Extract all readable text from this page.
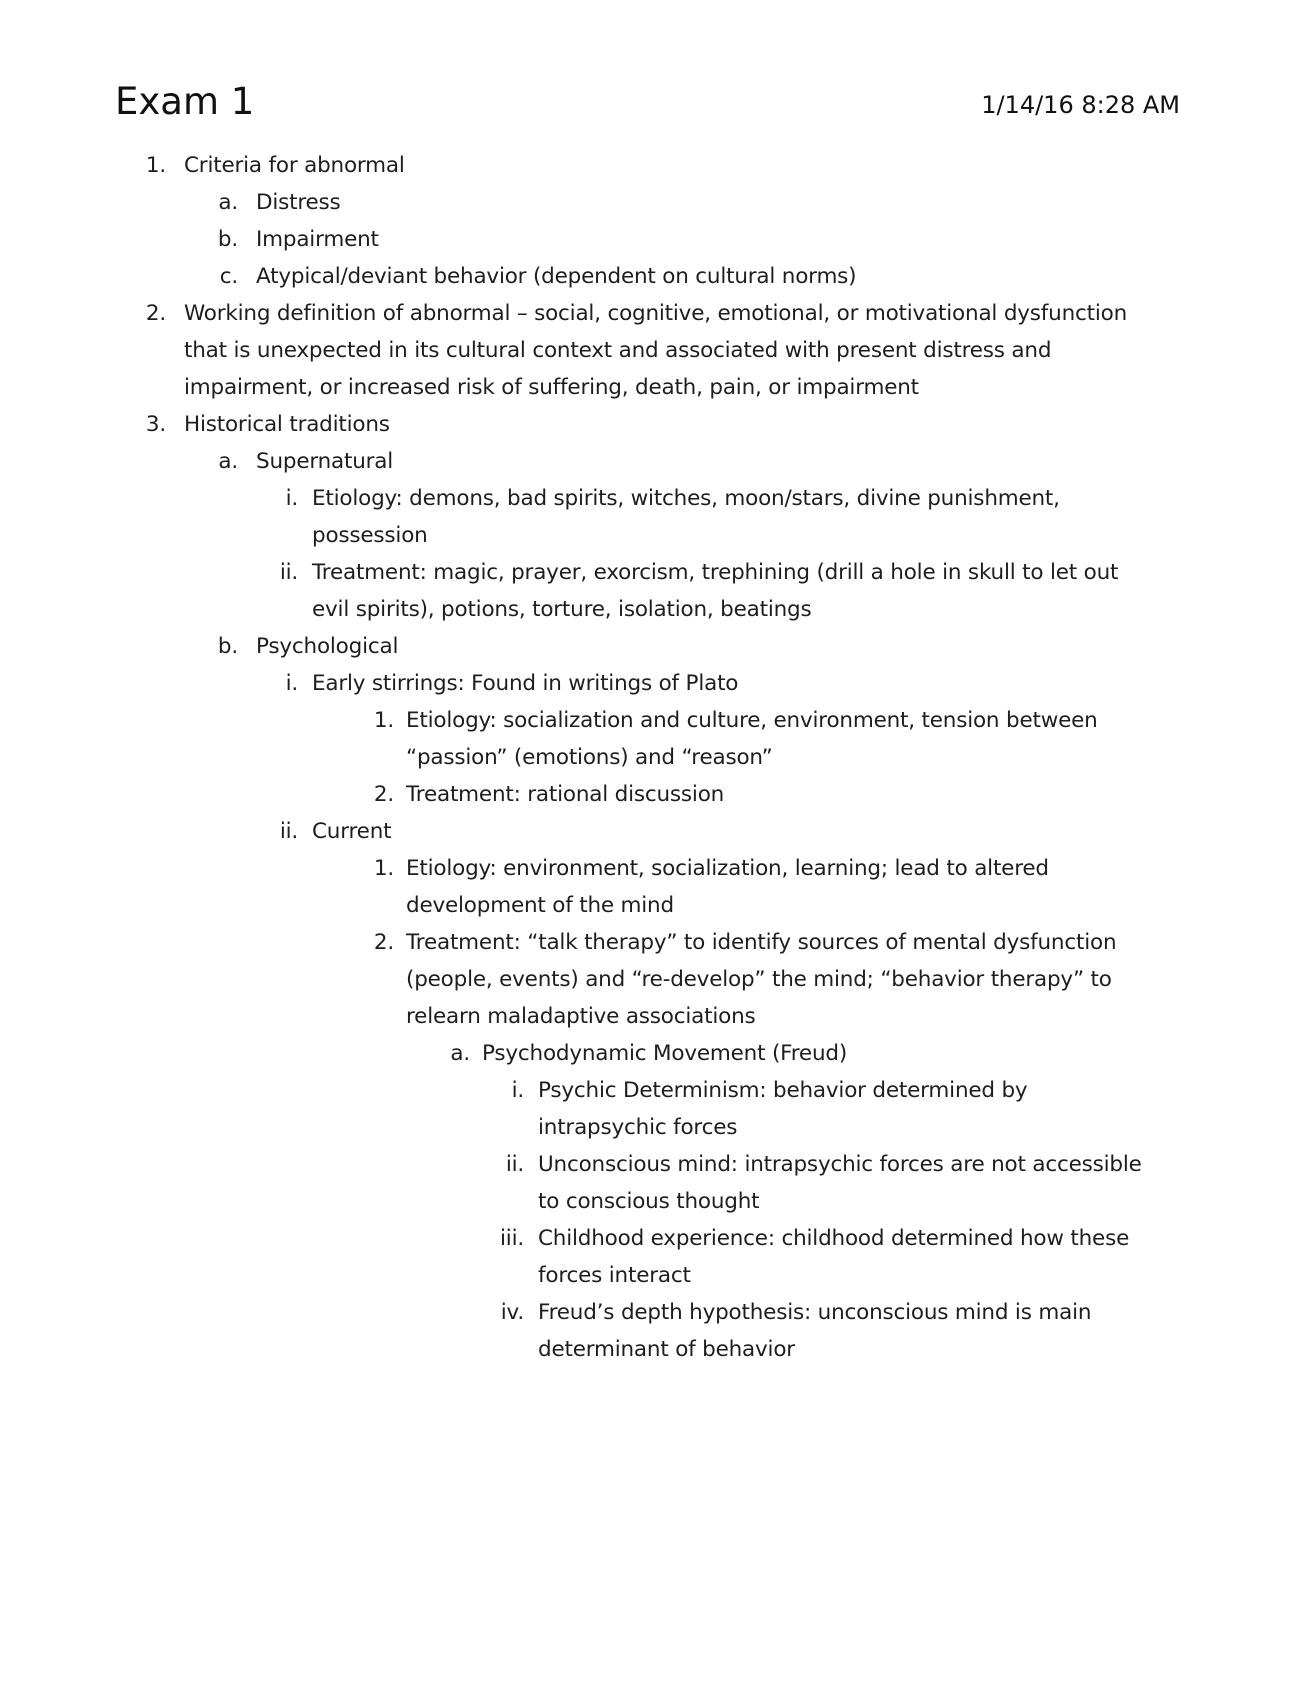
Exam 1	1/14/16 8:28 AM
1. Criteria for abnormal
a. Distress
b. Impairment
c. Atypical/deviant behavior (dependent on cultural norms)
2. Working definition of abnormal – social, cognitive, emotional, or motivational dysfunction
that is unexpected in its cultural context and associated with present distress and
impairment, or increased risk of suffering, death, pain, or impairment
3. Historical traditions
a. Supernatural
i. Etiology: demons, bad spirits, witches, moon/stars, divine punishment,
possession
ii. Treatment: magic, prayer, exorcism, trephining (drill a hole in skull to let out
evil spirits), potions, torture, isolation, beatings
b. Psychological
i. Early stirrings: Found in writings of Plato
1. Etiology: socialization and culture, environment, tension between
“passion” (emotions) and “reason”
2. Treatment: rational discussion
ii. Current
1. Etiology: environment, socialization, learning; lead to altered
development of the mind
2. Treatment: “talk therapy” to identify sources of mental dysfunction
(people, events) and “re-develop” the mind; “behavior therapy” to
relearn maladaptive associations
a. Psychodynamic Movement (Freud)
i. Psychic Determinism: behavior determined by
intrapsychic forces
ii. Unconscious mind: intrapsychic forces are not accessible
to conscious thought
iii. Childhood experience: childhood determined how these
forces interact
iv. Freud’s depth hypothesis: unconscious mind is main
determinant of behavior
